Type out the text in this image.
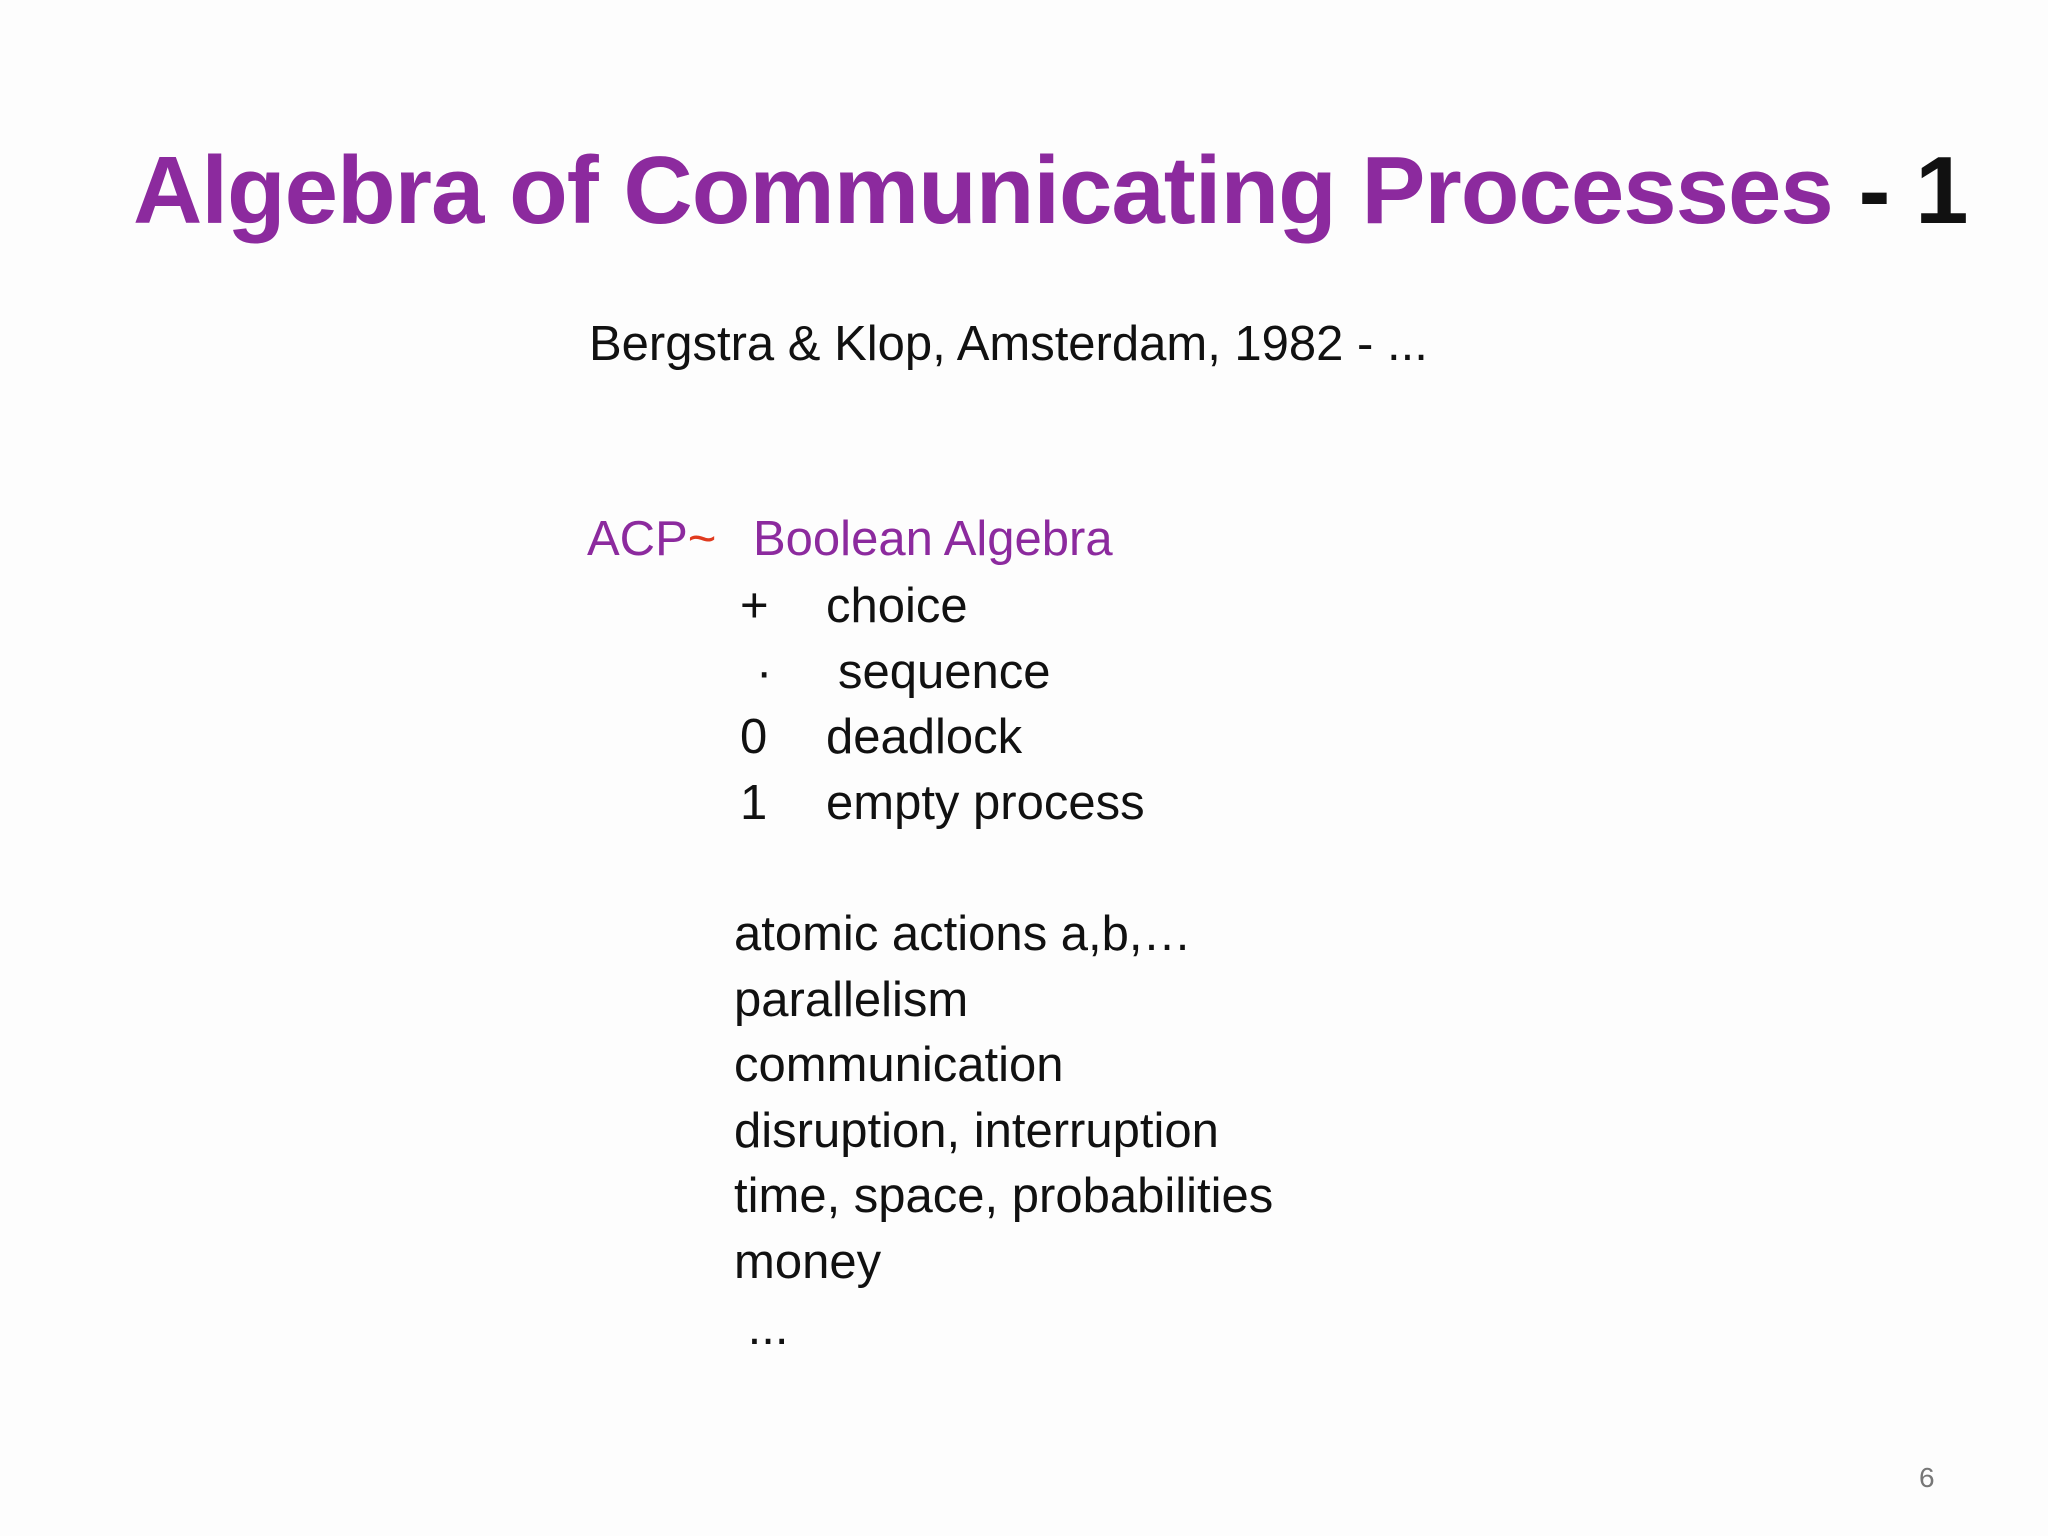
Algebra of Communicating Processes - 1
Bergstra & Klop, Amsterdam, 1982 - ...
ACP~ Boolean Algebra
+ choice
· sequence
0 deadlock
1 empty process
atomic actions a,b,…
parallelism
communication
disruption, interruption
time, space, probabilities
money
...
6
